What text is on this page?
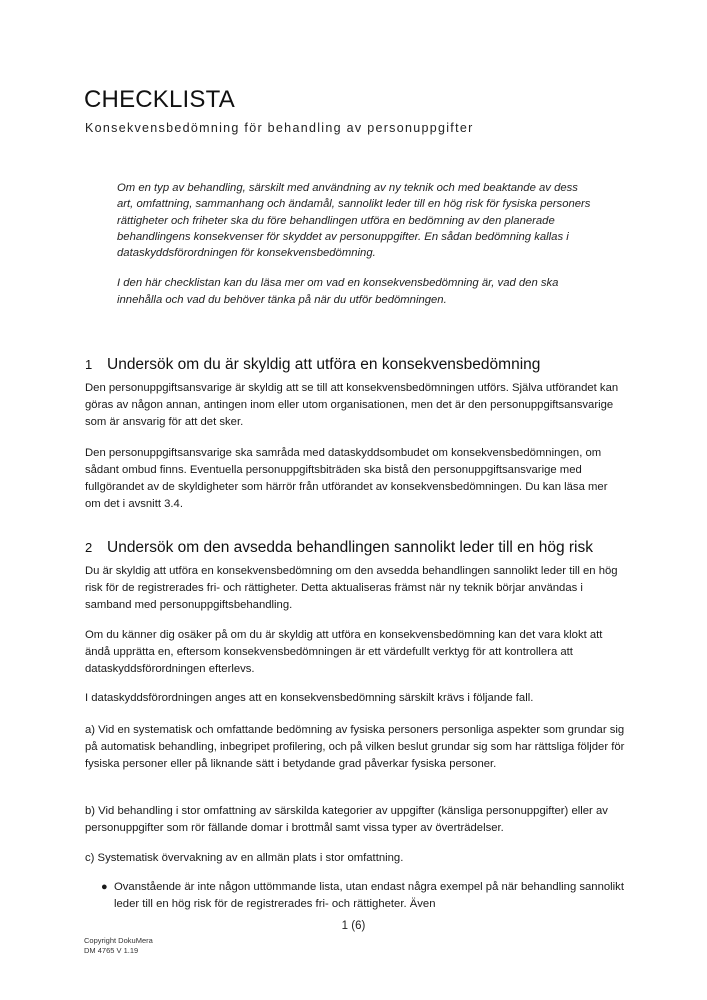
CHECKLISTA
Konsekvensbedömning för behandling av personuppgifter

Om en typ av behandling, särskilt med användning av ny teknik och med beaktande av dess art, omfattning, sammanhang och ändamål, sannolikt leder till en hög risk för fysiska personers rättigheter och friheter ska du före behandlingen utföra en bedömning av den planerade behandlingens konsekvenser för skyddet av personuppgifter. En sådan bedömning kallas i dataskyddsförordningen för konsekvensbedömning.

I den här checklistan kan du läsa mer om vad en konsekvensbedömning är, vad den ska innehålla och vad du behöver tänka på när du utför bedömningen.

1 Undersök om du är skyldig att utföra en konsekvensbedömning

Den personuppgiftsansvarige är skyldig att se till att konsekvensbedömningen utförs. Själva utförandet kan göras av någon annan, antingen inom eller utom organisationen, men det är den personuppgiftsansvarige som är ansvarig för att det sker.

Den personuppgiftsansvarige ska samråda med dataskyddsombudet om konsekvensbedömningen, om sådant ombud finns. Eventuella personuppgiftsbiträden ska bistå den personuppgiftsansvarige med fullgörandet av de skyldigheter som härrör från utförandet av konsekvensbedömningen. Du kan läsa mer om det i avsnitt 3.4.

2 Undersök om den avsedda behandlingen sannolikt leder till en hög risk

Du är skyldig att utföra en konsekvensbedömning om den avsedda behandlingen sannolikt leder till en hög risk för de registrerades fri- och rättigheter. Detta aktualiseras främst när ny teknik börjar användas i samband med personuppgiftsbehandling.

Om du känner dig osäker på om du är skyldig att utföra en konsekvensbedömning kan det vara klokt att ändå upprätta en, eftersom konsekvensbedömningen är ett värdefullt verktyg för att kontrollera att dataskyddsförordningen efterlevs.

I dataskyddsförordningen anges att en konsekvensbedömning särskilt krävs i följande fall.

a) Vid en systematisk och omfattande bedömning av fysiska personers personliga aspekter som grundar sig på automatisk behandling, inbegripet profilering, och på vilken beslut grundar sig som har rättsliga följder för fysiska personer eller på liknande sätt i betydande grad påverkar fysiska personer.

b) Vid behandling i stor omfattning av särskilda kategorier av uppgifter (känsliga personuppgifter) eller av personuppgifter som rör fällande domar i brottmål samt vissa typer av överträdelser.

c) Systematisk övervakning av en allmän plats i stor omfattning.

● Ovanstående är inte någon uttömmande lista, utan endast några exempel på när behandling sannolikt leder till en hög risk för de registrerades fri- och rättigheter. Även
1 (6)
Copyright DokuMera
DM 4765 V 1.19
